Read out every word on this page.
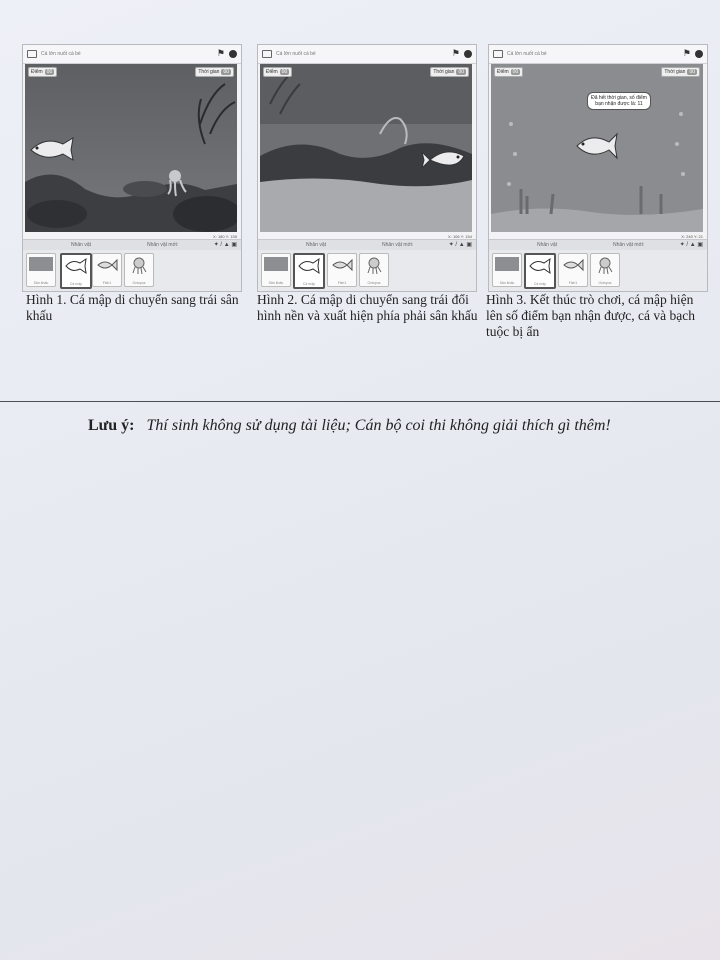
Cá lớn nuốt cá bé	⚑
Điểm 00	Thời gian 00
X: 180 Y: 155
Nhân vật	Nhân vật mới:	✦ / ▲ ▣
Sân khấu	Cá mập	Fish1	Octopus
Cá lớn nuốt cá bé	⚑
Điểm 00	Thời gian 00
X: 106 Y: 154
Nhân vật	Nhân vật mới:	✦ / ▲ ▣
Sân khấu	Cá mập	Fish1	Octopus
Cá lớn nuốt cá bé	⚑
Điểm 00	Thời gian 00
Đã hết thời gian, số điểm bạn nhận được là: 11
X: 240 Y: 21
Nhân vật	Nhân vật mới:	✦ / ▲ ▣
Sân khấu	Cá mập	Fish1	Octopus
Hình 1. Cá mập di chuyển sang trái sân khấu
Hình 2. Cá mập di chuyển sang trái đổi hình nền và xuất hiện phía phải sân khấu
Hình 3. Kết thúc trò chơi, cá mập hiện lên số điểm bạn nhận được, cá và bạch tuộc bị ẩn
Lưu ý: Thí sinh không sử dụng tài liệu; Cán bộ coi thi không giải thích gì thêm!
